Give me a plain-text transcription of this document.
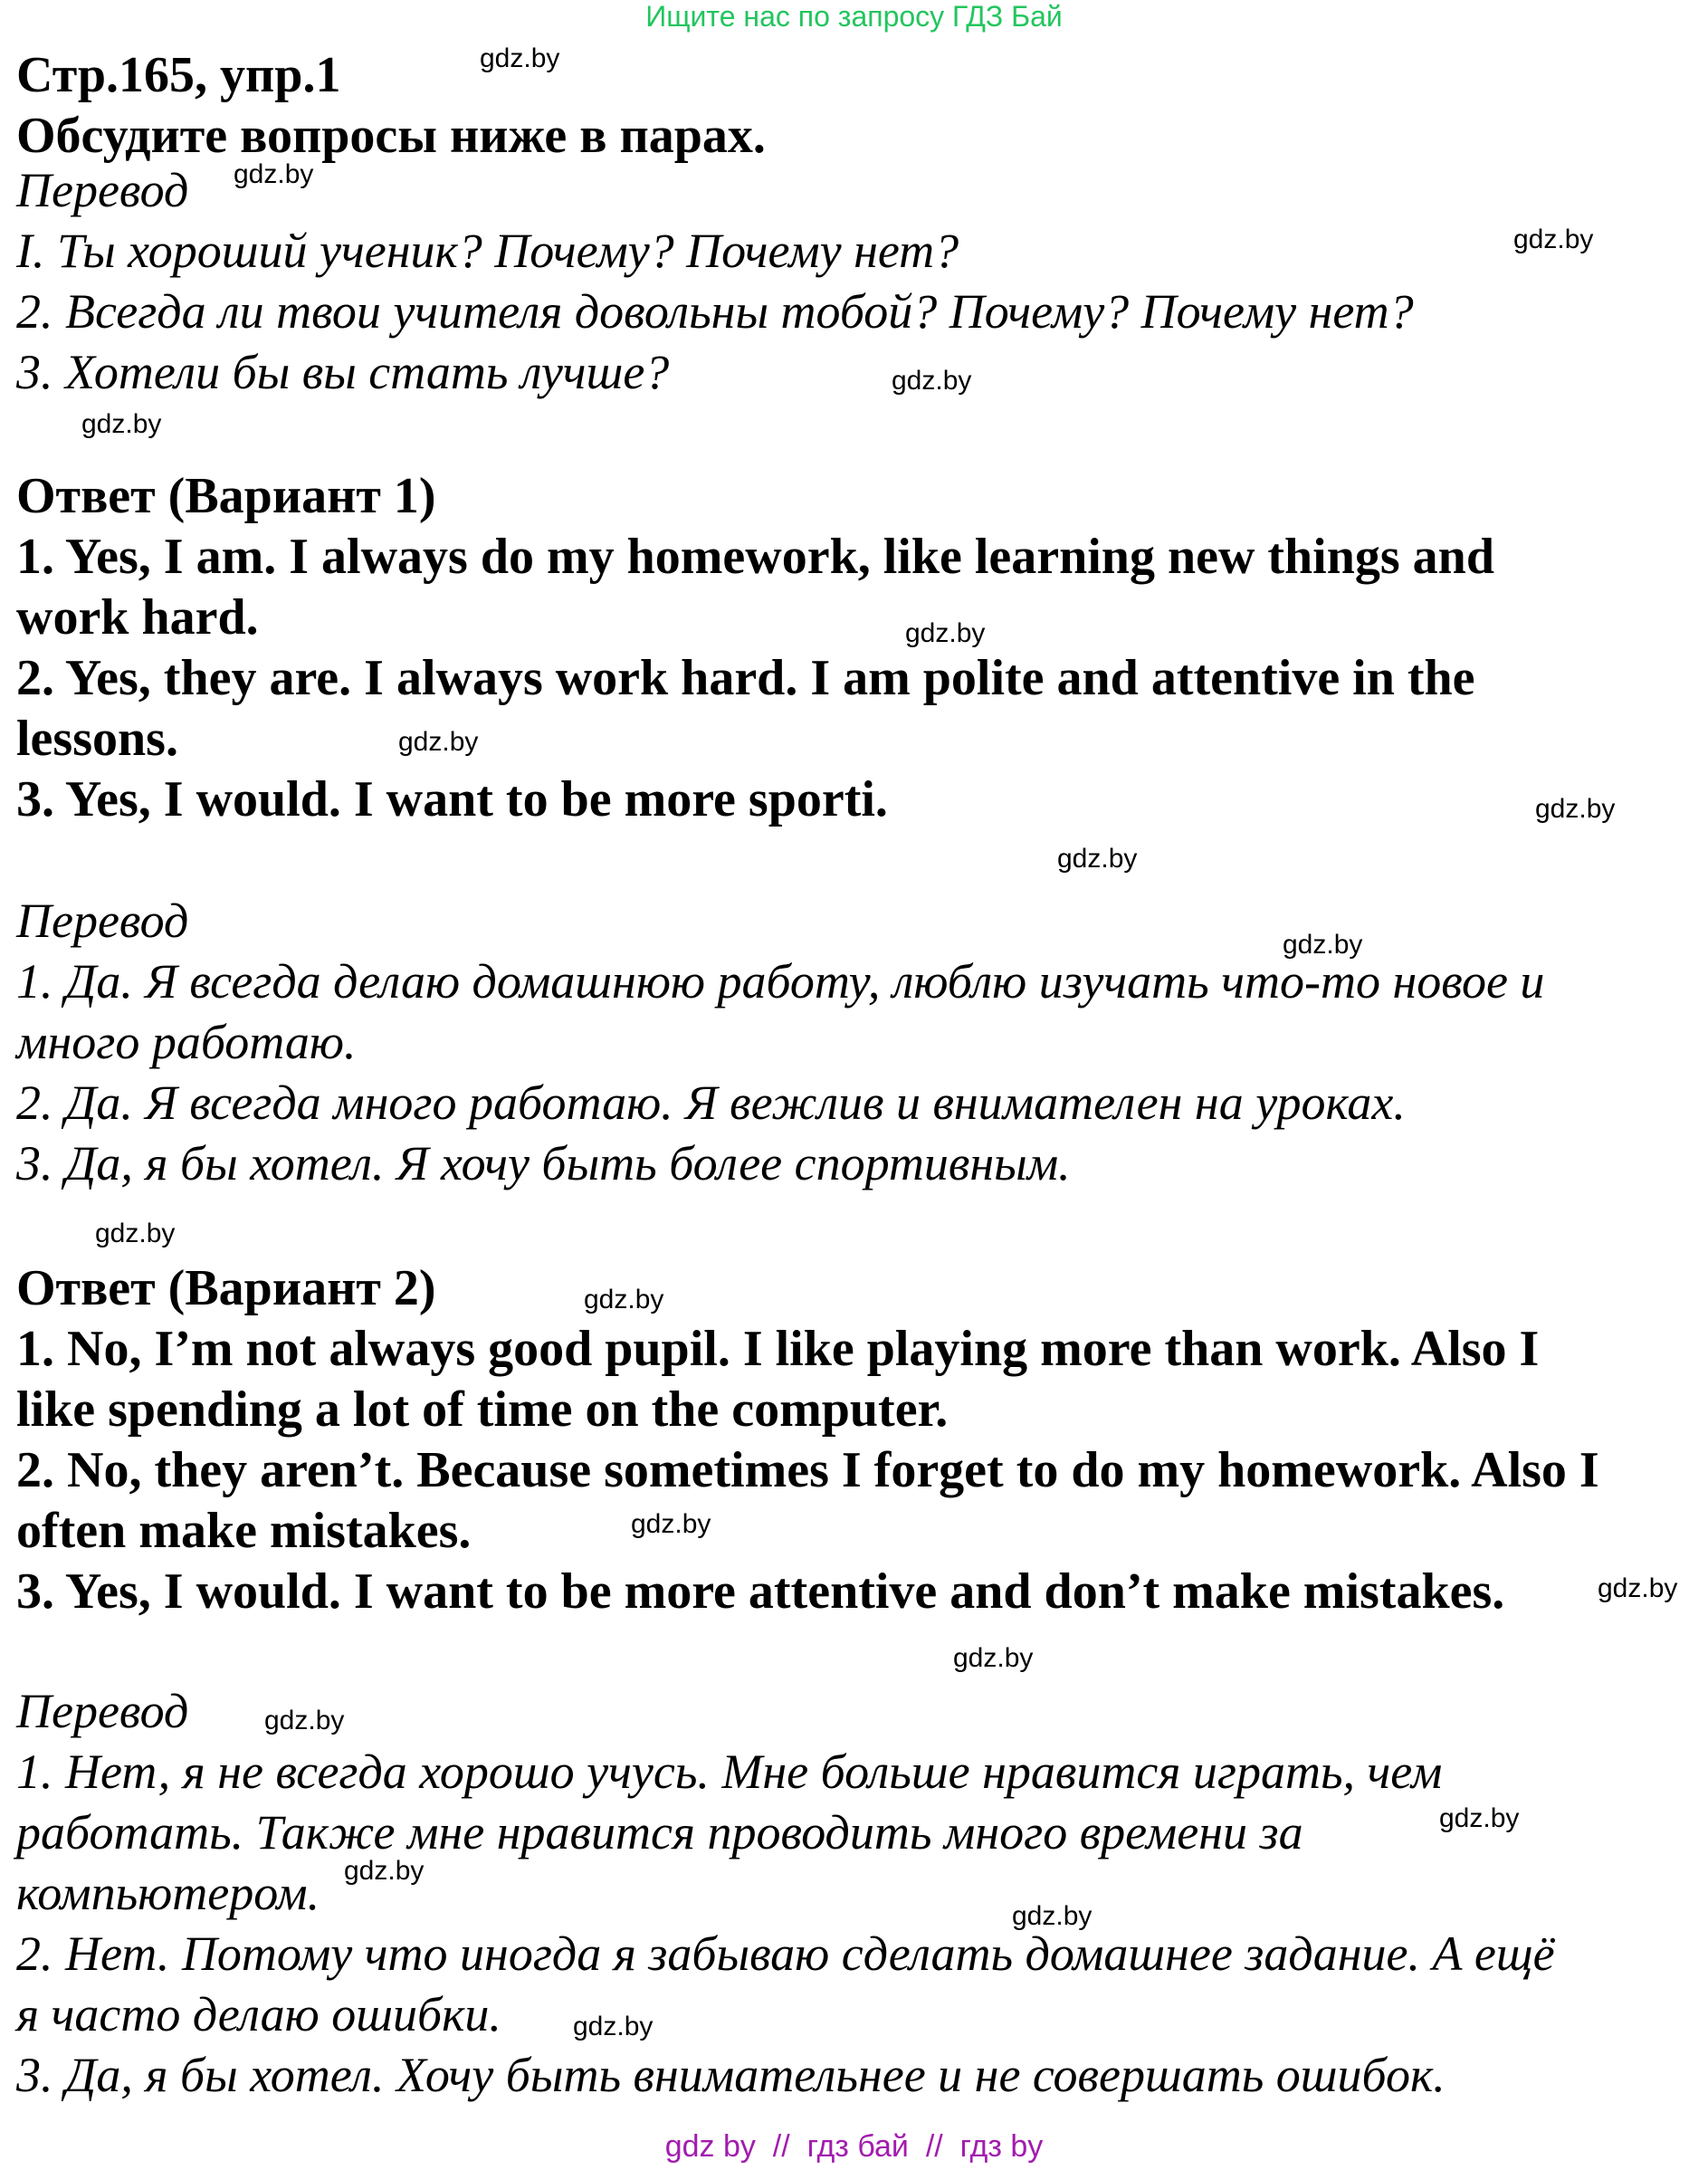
Ищите нас по запросу ГДЗ Бай
Стр.165, упр.1
Обсудите вопросы ниже в парах.
Перевод
I. Ты хороший ученик? Почему? Почему нет?
2. Всегда ли твои учителя довольны тобой? Почему? Почему нет?
3. Хотели бы вы стать лучше?
Ответ (Вариант 1)
1. Yes, I am. I always do my homework, like learning new things and
work hard.
2. Yes, they are. I always work hard. I am polite and attentive in the
lessons.
3. Yes, I would. I want to be more sporti.
Перевод
1. Да. Я всегда делаю домашнюю работу, люблю изучать что-то новое и
много работаю.
2. Да. Я всегда много работаю. Я вежлив и внимателен на уроках.
3. Да, я бы хотел. Я хочу быть более спортивным.
Ответ (Вариант 2)
1. No, I’m not always good pupil. I like playing more than work. Also I
like spending a lot of time on the computer.
2. No, they aren’t. Because sometimes I forget to do my homework. Also I
often make mistakes.
3. Yes, I would. I want to be more attentive and don’t make mistakes.
Перевод
1. Нет, я не всегда хорошо учусь. Мне больше нравится играть, чем
работать. Также мне нравится проводить много времени за
компьютером.
2. Нет. Потому что иногда я забываю сделать домашнее задание. А ещё
я часто делаю ошибки.
3. Да, я бы хотел. Хочу быть внимательнее и не совершать ошибок.
gdz.by
gdz.by
gdz.by
gdz.by
gdz.by
gdz.by
gdz.by
gdz.by
gdz.by
gdz.by
gdz.by
gdz.by
gdz.by
gdz.by
gdz.by
gdz.by
gdz.by
gdz.by
gdz.by
gdz.by
gdz by  //  гдз бай  //  гдз by
